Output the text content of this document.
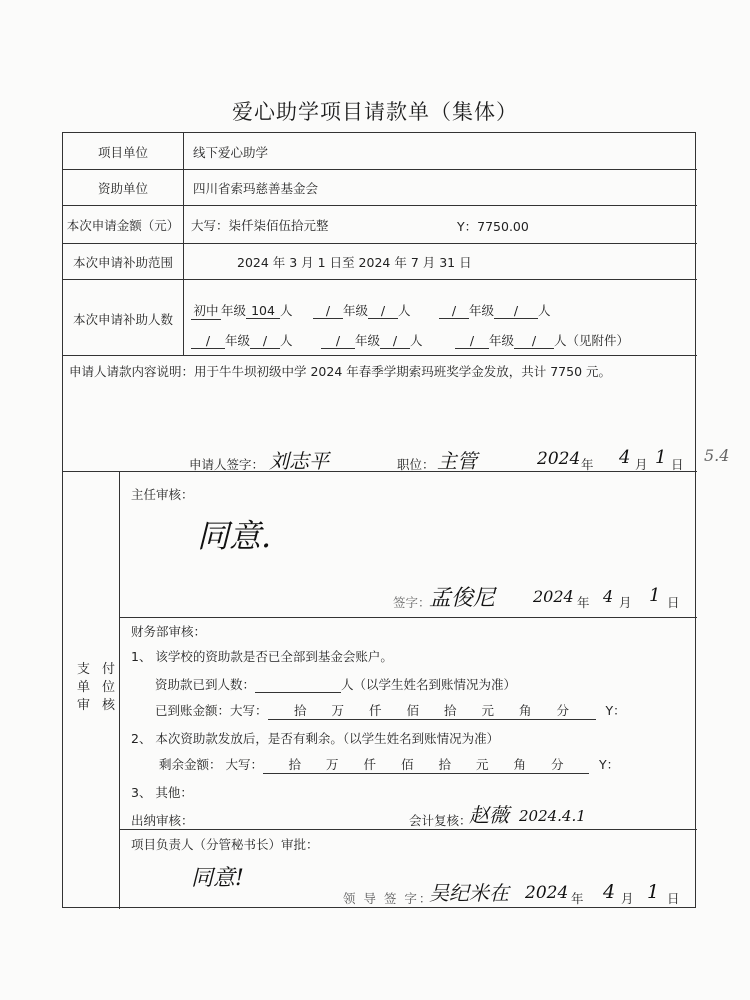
爱心助学项目请款单（集体）
项目单位	线下爱心助学
资助单位	四川省索玛慈善基金会
本次申请金额（元） 大写：柒仟柒佰伍拾元整	Y：7750.00
本次申请补助范围	2024 年 3 月 1 日至 2024 年 7 月 31 日
本次申请补助人数
初中 年级 104 人	/ 年级 / 人	/ 年级 / 人
/ 年级 / 人	/ 年级 / 人	/ 年级 / 人（见附件）
申请人请款内容说明：用于牛牛坝初级中学 2024 年春季学期索玛班奖学金发放，共计 7750 元。
申请人签字： 刘志平	职位： 主管	2024 年 4 月 1 日
支付
单位
审核
主任审核：
同意.
签字：
孟俊尼 2024 年 4 月 1 日
财务部审核：
1、 该学校的资助款是否已全部到基金会账户。
资助款已到人数：	人（以学生姓名到账情况为准）
已到账金额：大写： 拾　　万　　仟　　佰　　拾　　元　　角　　分	Y：
2、 本次资助款发放后，是否有剩余。（以学生姓名到账情况为准）
剩余金额： 大写： 拾　　万　　仟　　佰　　拾　　元　　角　　分	Y：
3、 其他：
出纳审核：	会计复核：
赵薇 2024.4.1
项目负责人（分管秘书长）审批：
同意!
领 导 签 字：
吴纪米在 2024 年 4 月 1 日
5.4
